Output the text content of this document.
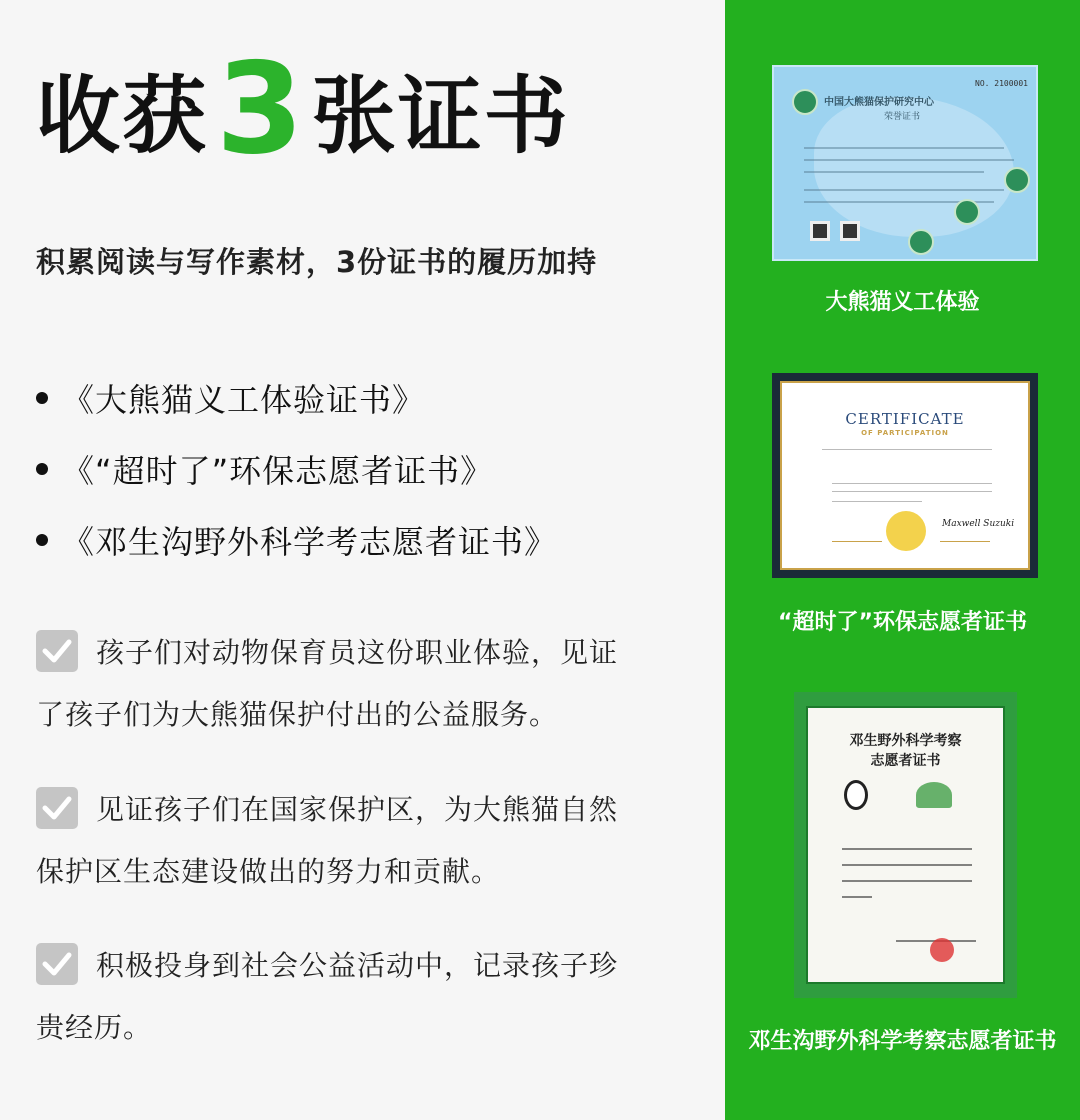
收获 3 张证书
积累阅读与写作素材，3份证书的履历加持
《大熊猫义工体验证书》
《“超时了”环保志愿者证书》
《邓生沟野外科学考志愿者证书》
孩子们对动物保育员这份职业体验，见证
了孩子们为大熊猫保护付出的公益服务。
见证孩子们在国家保护区，为大熊猫自然
保护区生态建设做出的努力和贡献。
积极投身到社会公益活动中，记录孩子珍
贵经历。
大熊猫义工体验
“超时了”环保志愿者证书
邓生沟野外科学考察志愿者证书
NO. 2100001
中国大熊猫保护研究中心
荣誉证书
CERTIFICATE
OF PARTICIPATION
Maxwell Suzuki
邓生野外科学考察
志愿者证书
